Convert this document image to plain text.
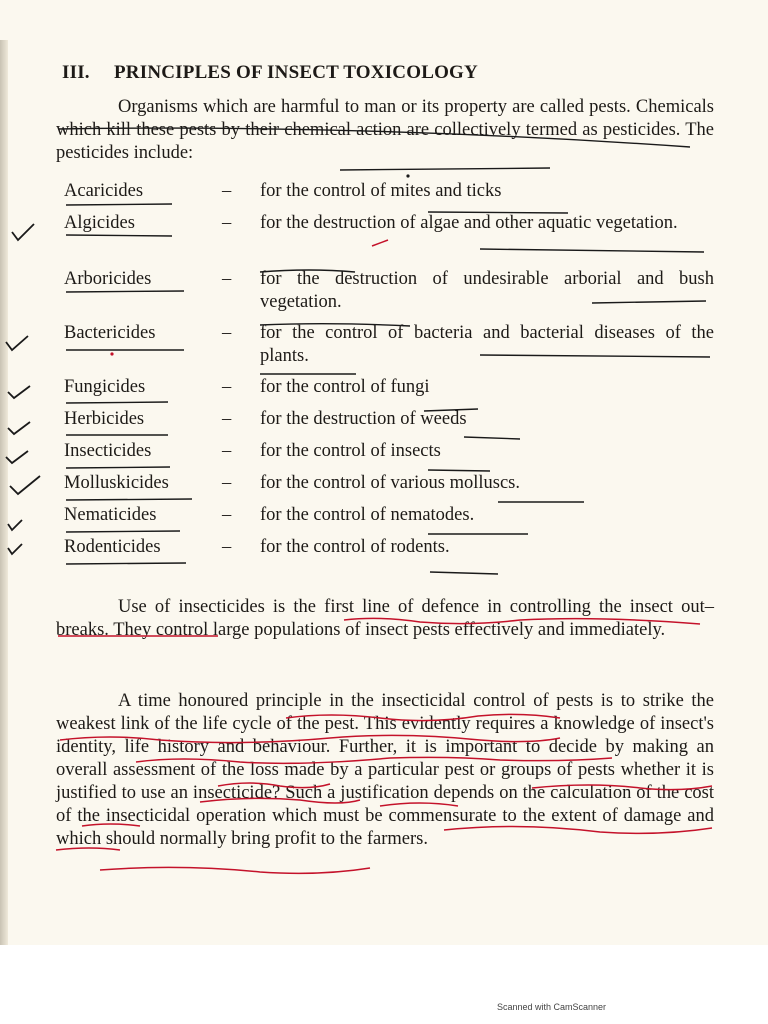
III. PRINCIPLES OF INSECT TOXICOLOGY
Organisms which are harmful to man or its property are called pests. Chemicals which kill these pests by their chemical action are collectively termed as pesticides. The pesticides include:
Acaricides	– for the control of mites and ticks
Algicides	– for the destruction of algae and other aquatic vegetation.
Arboricides	– for the destruction of undesirable arborial and bush vegetation.
Bactericides	– for the control of bacteria and bacterial diseases of the plants.
Fungicides	– for the control of fungi
Herbicides	– for the destruction of weeds
Insecticides	– for the control of insects
Molluskicides	– for the control of various molluscs.
Nematicides	– for the control of nematodes.
Rodenticides	– for the control of rodents.
Use of insecticides is the first line of defence in controlling the insect out–breaks. They control large populations of insect pests effectively and immediately.
A time honoured principle in the insecticidal control of pests is to strike the weakest link of the life cycle of the pest. This evidently requires a knowledge of insect's identity, life history and behaviour. Further, it is important to decide by making an overall assessment of the loss made by a particular pest or groups of pests whether it is justified to use an insecticide? Such a justification depends on the calculation of the cost of the insecticidal operation which must be commensurate to the extent of damage and which should normally bring profit to the farmers.
Scanned with CamScanner
